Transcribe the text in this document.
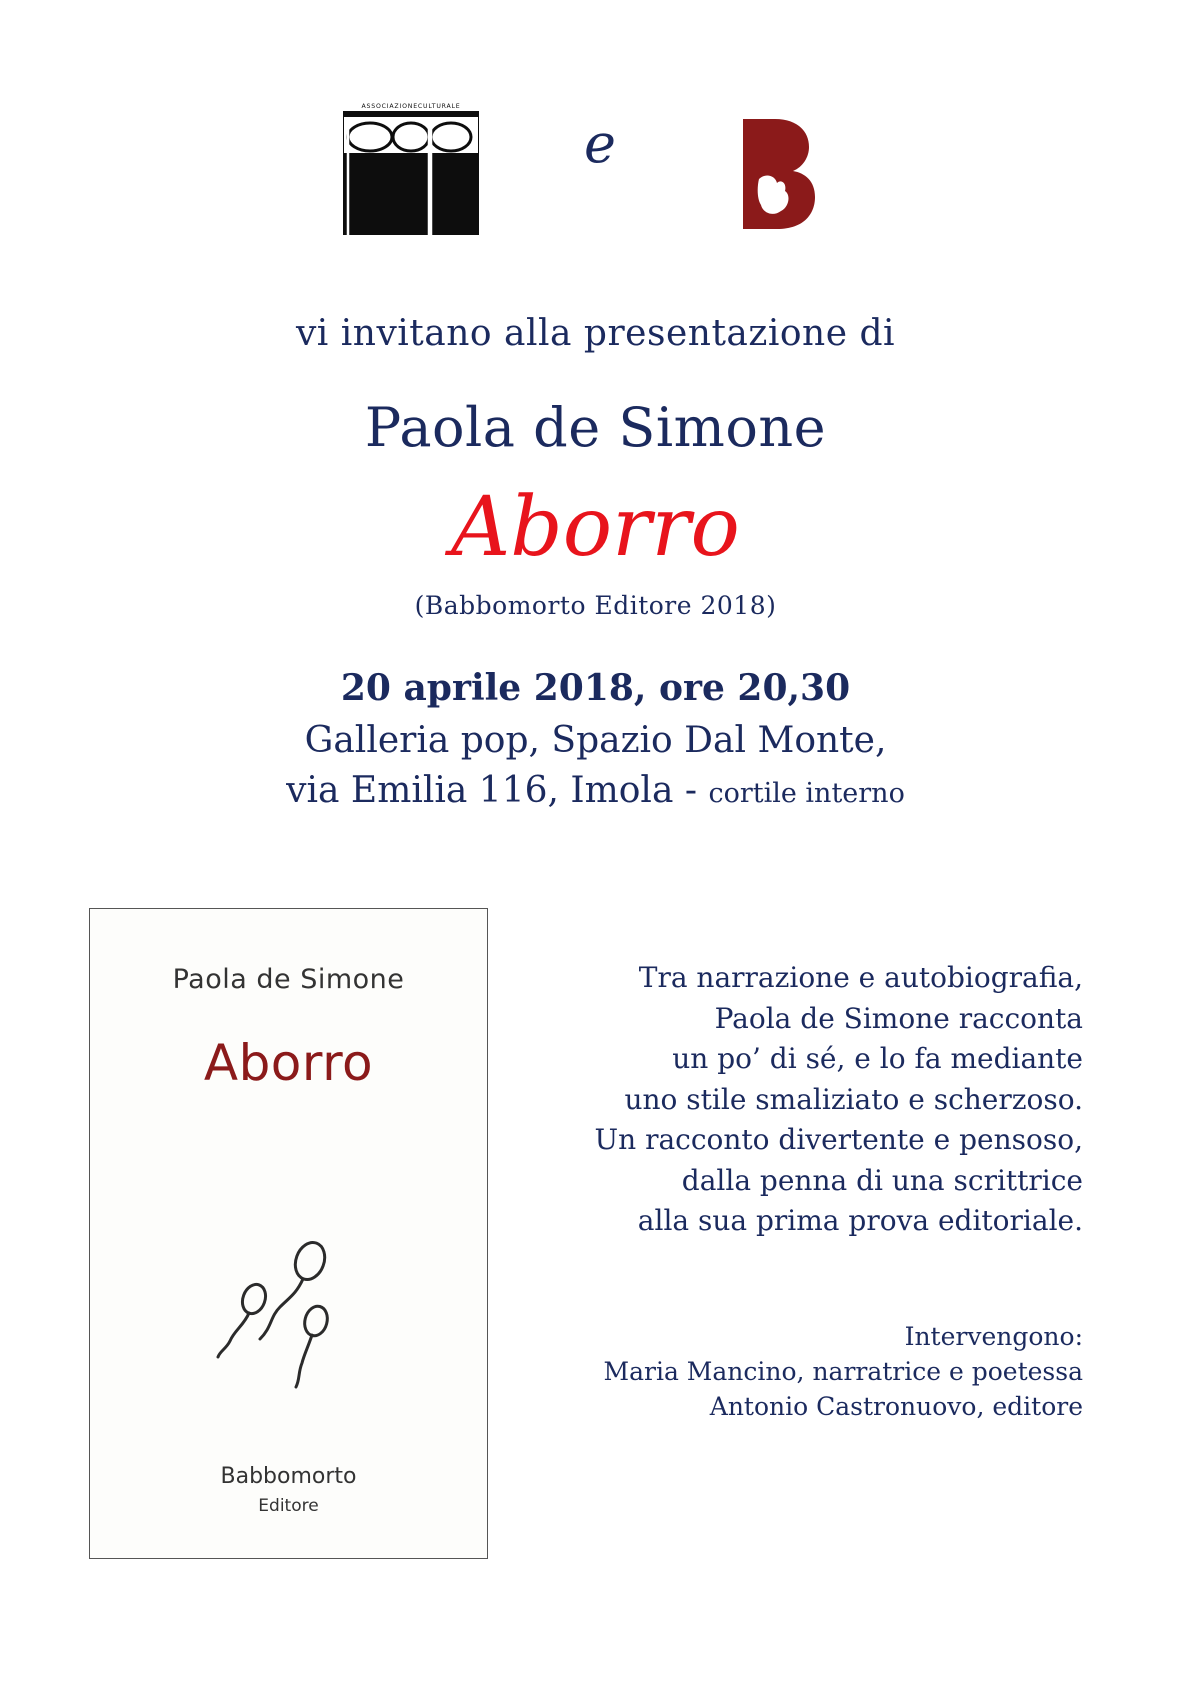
ASSOCIAZIONECULTURALE
e
vi invitano alla presentazione di
Paola de Simone
Aborro
(Babbomorto Editore 2018)
20 aprile 2018, ore 20,30
Galleria pop, Spazio Dal Monte,
via Emilia 116, Imola - cortile interno
Paola de Simone
Aborro
Babbomorto
Editore
Tra narrazione e autobiografia,
Paola de Simone racconta
un po’ di sé, e lo fa mediante
uno stile smaliziato e scherzoso.
Un racconto divertente e pensoso,
dalla penna di una scrittrice
alla sua prima prova editoriale.
Intervengono:
Maria Mancino, narratrice e poetessa
Antonio Castronuovo, editore
